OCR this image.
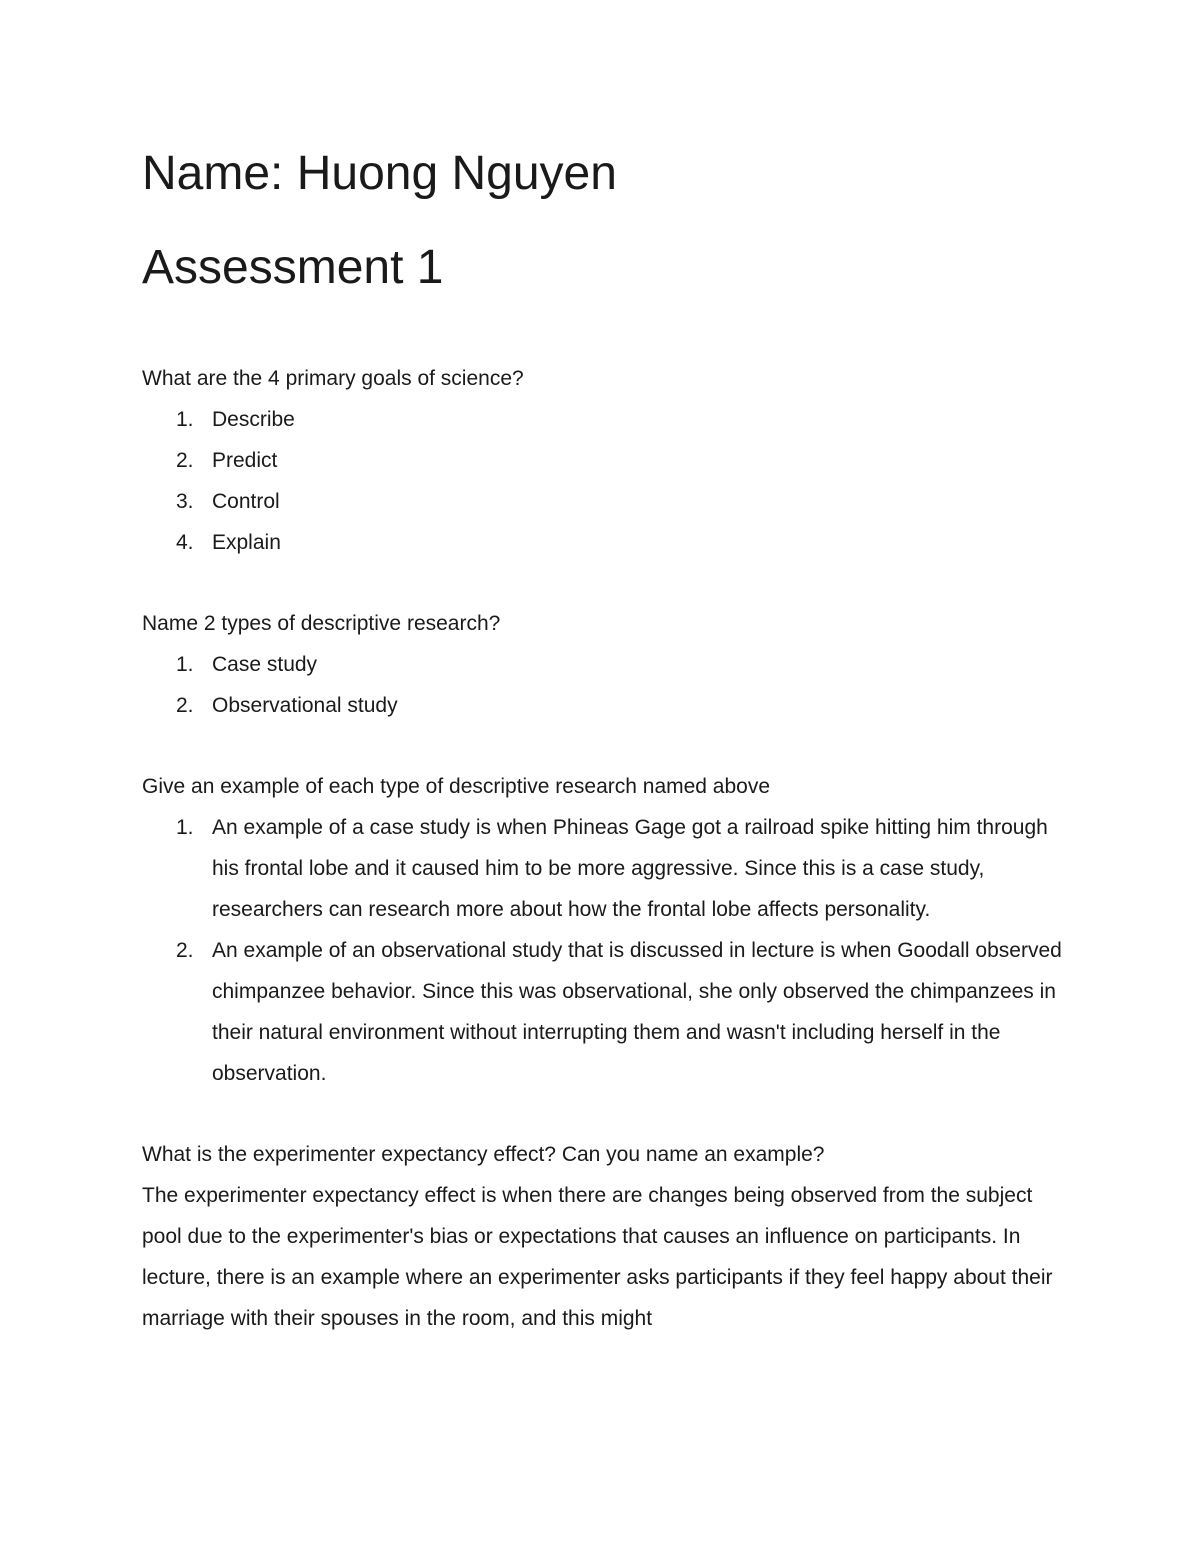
Name: Huong Nguyen
Assessment 1

What are the 4 primary goals of science?

1. Describe
2. Predict
3. Control
4. Explain

Name 2 types of descriptive research?

1. Case study
2. Observational study

Give an example of each type of descriptive research named above

1. An example of a case study is when Phineas Gage got a railroad spike hitting him through his frontal lobe and it caused him to be more aggressive. Since this is a case study, researchers can research more about how the frontal lobe affects personality.
2. An example of an observational study that is discussed in lecture is when Goodall observed chimpanzee behavior. Since this was observational, she only observed the chimpanzees in their natural environment without interrupting them and wasn't including herself in the observation.

What is the experimenter expectancy effect? Can you name an example?

The experimenter expectancy effect is when there are changes being observed from the subject pool due to the experimenter's bias or expectations that causes an influence on participants. In lecture, there is an example where an experimenter asks participants if they feel happy about their marriage with their spouses in the room, and this might
